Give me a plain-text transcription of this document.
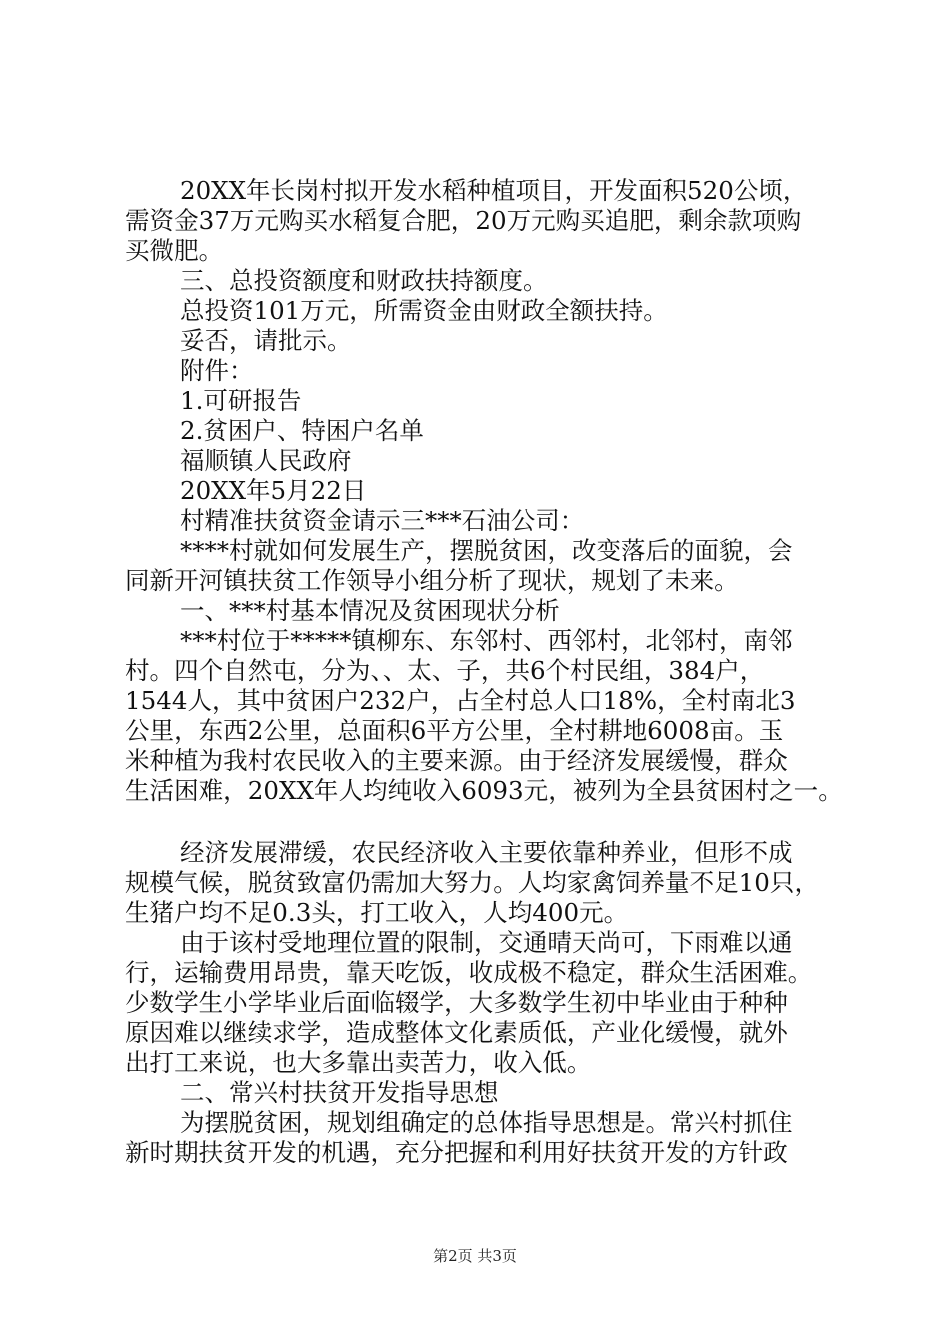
20XX年长岗村拟开发水稻种植项目，开发面积520公顷，
需资金37万元购买水稻复合肥，20万元购买追肥，剩余款项购
买微肥。
三、总投资额度和财政扶持额度。
总投资101万元，所需资金由财政全额扶持。
妥否，请批示。
附件：
1.可研报告
2.贫困户、特困户名单
福顺镇人民政府
20XX年5月22日
村精准扶贫资金请示三***石油公司：
****村就如何发展生产，摆脱贫困，改变落后的面貌，会
同新开河镇扶贫工作领导小组分析了现状，规划了未来。
一、***村基本情况及贫困现状分析
***村位于*****镇柳东、东邻村、西邻村，北邻村，南邻
村。四个自然屯，分为、、太、子，共6个村民组，384户，
1544人，其中贫困户232户，占全村总人口18%，全村南北3
公里，东西2公里，总面积6平方公里，全村耕地6008亩。玉
米种植为我村农民收入的主要来源。由于经济发展缓慢，群众
生活困难，20XX年人均纯收入6093元，被列为全县贫困村之一。
经济发展滞缓，农民经济收入主要依靠种养业，但形不成
规模气候，脱贫致富仍需加大努力。人均家禽饲养量不足10只，
生猪户均不足0.3头，打工收入，人均400元。
由于该村受地理位置的限制，交通晴天尚可，下雨难以通
行，运输费用昂贵，靠天吃饭，收成极不稳定，群众生活困难。
少数学生小学毕业后面临辍学，大多数学生初中毕业由于种种
原因难以继续求学，造成整体文化素质低，产业化缓慢，就外
出打工来说，也大多靠出卖苦力，收入低。
二、常兴村扶贫开发指导思想
为摆脱贫困，规划组确定的总体指导思想是。常兴村抓住
新时期扶贫开发的机遇，充分把握和利用好扶贫开发的方针政
第2页 共3页
